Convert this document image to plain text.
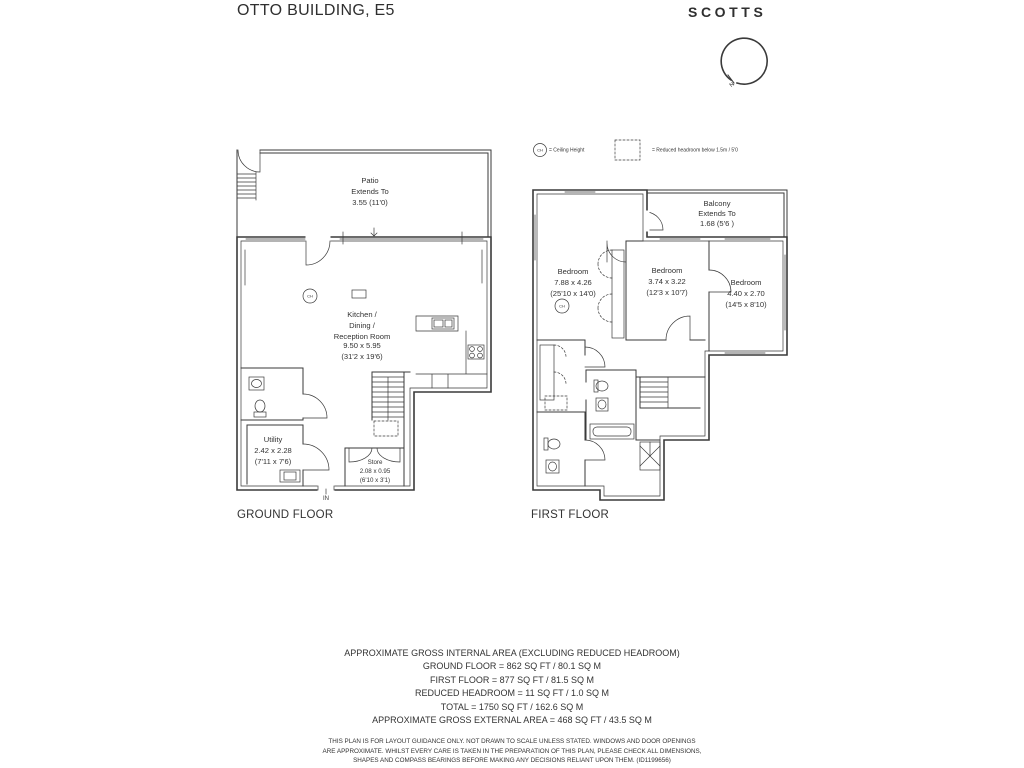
OTTO BUILDING, E5	SCOTTS
N
CH = Ceiling Height	= Reduced headroom below 1.5m / 5'0
IN
CH
Patio
Extends To
3.55 (11'0)
Kitchen /
Dining /
Reception Room
9.50 x 5.95
(31'2 x 19'6)
Utility
2.42 x 2.28
(7'11 x 7'6)	Store
2.08 x 0.95
(6'10 x 3'1)
CH
Balcony
Extends To
1.68 (5'6 )
Bedroom
7.88 x 4.26
(25'10 x 14'0)
Bedroom
3.74 x 3.22
(12'3 x 10'7)
Bedroom
4.40 x 2.70
(14'5 x 8'10)
GROUND FLOOR	FIRST FLOOR
APPROXIMATE GROSS INTERNAL AREA (EXCLUDING REDUCED HEADROOM)
GROUND FLOOR = 862 SQ FT / 80.1 SQ M
FIRST FLOOR = 877 SQ FT / 81.5 SQ M
REDUCED HEADROOM = 11 SQ FT / 1.0 SQ M
TOTAL = 1750 SQ FT / 162.6 SQ M
APPROXIMATE GROSS EXTERNAL AREA = 468 SQ FT / 43.5 SQ M
THIS PLAN IS FOR LAYOUT GUIDANCE ONLY. NOT DRAWN TO SCALE UNLESS STATED. WINDOWS AND DOOR OPENINGS
ARE APPROXIMATE. WHILST EVERY CARE IS TAKEN IN THE PREPARATION OF THIS PLAN, PLEASE CHECK ALL DIMENSIONS,
SHAPES AND COMPASS BEARINGS BEFORE MAKING ANY DECISIONS RELIANT UPON THEM. (ID1199656)
